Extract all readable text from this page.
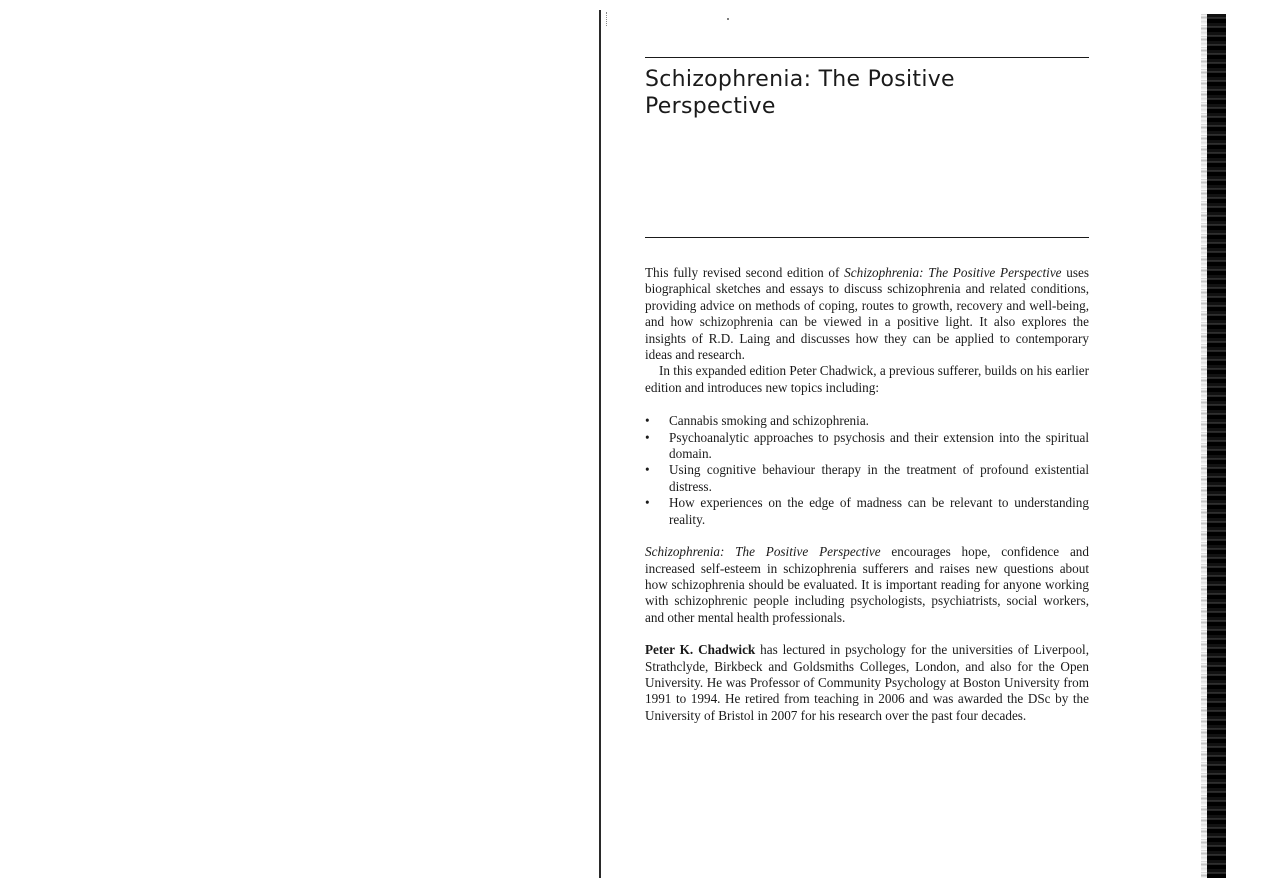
Schizophrenia: The Positive
Perspective

This fully revised second edition of Schizophrenia: The Positive Perspective uses biographical sketches and essays to discuss schizophrenia and related conditions, providing advice on methods of coping, routes to growth, recovery and well-being, and how schizophrenia can be viewed in a positive light. It also explores the insights of R.D. Laing and discusses how they can be applied to contemporary ideas and research.

In this expanded edition Peter Chadwick, a previous sufferer, builds on his earlier edition and introduces new topics including:

• Cannabis smoking and schizophrenia.
• Psychoanalytic approaches to psychosis and their extension into the spiritual domain.
• Using cognitive behaviour therapy in the treatment of profound existential distress.
• How experiences on the edge of madness can be relevant to understanding reality.

Schizophrenia: The Positive Perspective encourages hope, confidence and increased self-esteem in schizophrenia sufferers and raises new questions about how schizophrenia should be evaluated. It is important reading for anyone working with schizophrenic people including psychologists, psychiatrists, social workers, and other mental health professionals.

Peter K. Chadwick has lectured in psychology for the universities of Liverpool, Strathclyde, Birkbeck and Goldsmiths Colleges, London, and also for the Open University. He was Professor of Community Psychology at Boston University from 1991 to 1994. He retired from teaching in 2006 and was awarded the DSc by the University of Bristol in 2007 for his research over the past four decades.
